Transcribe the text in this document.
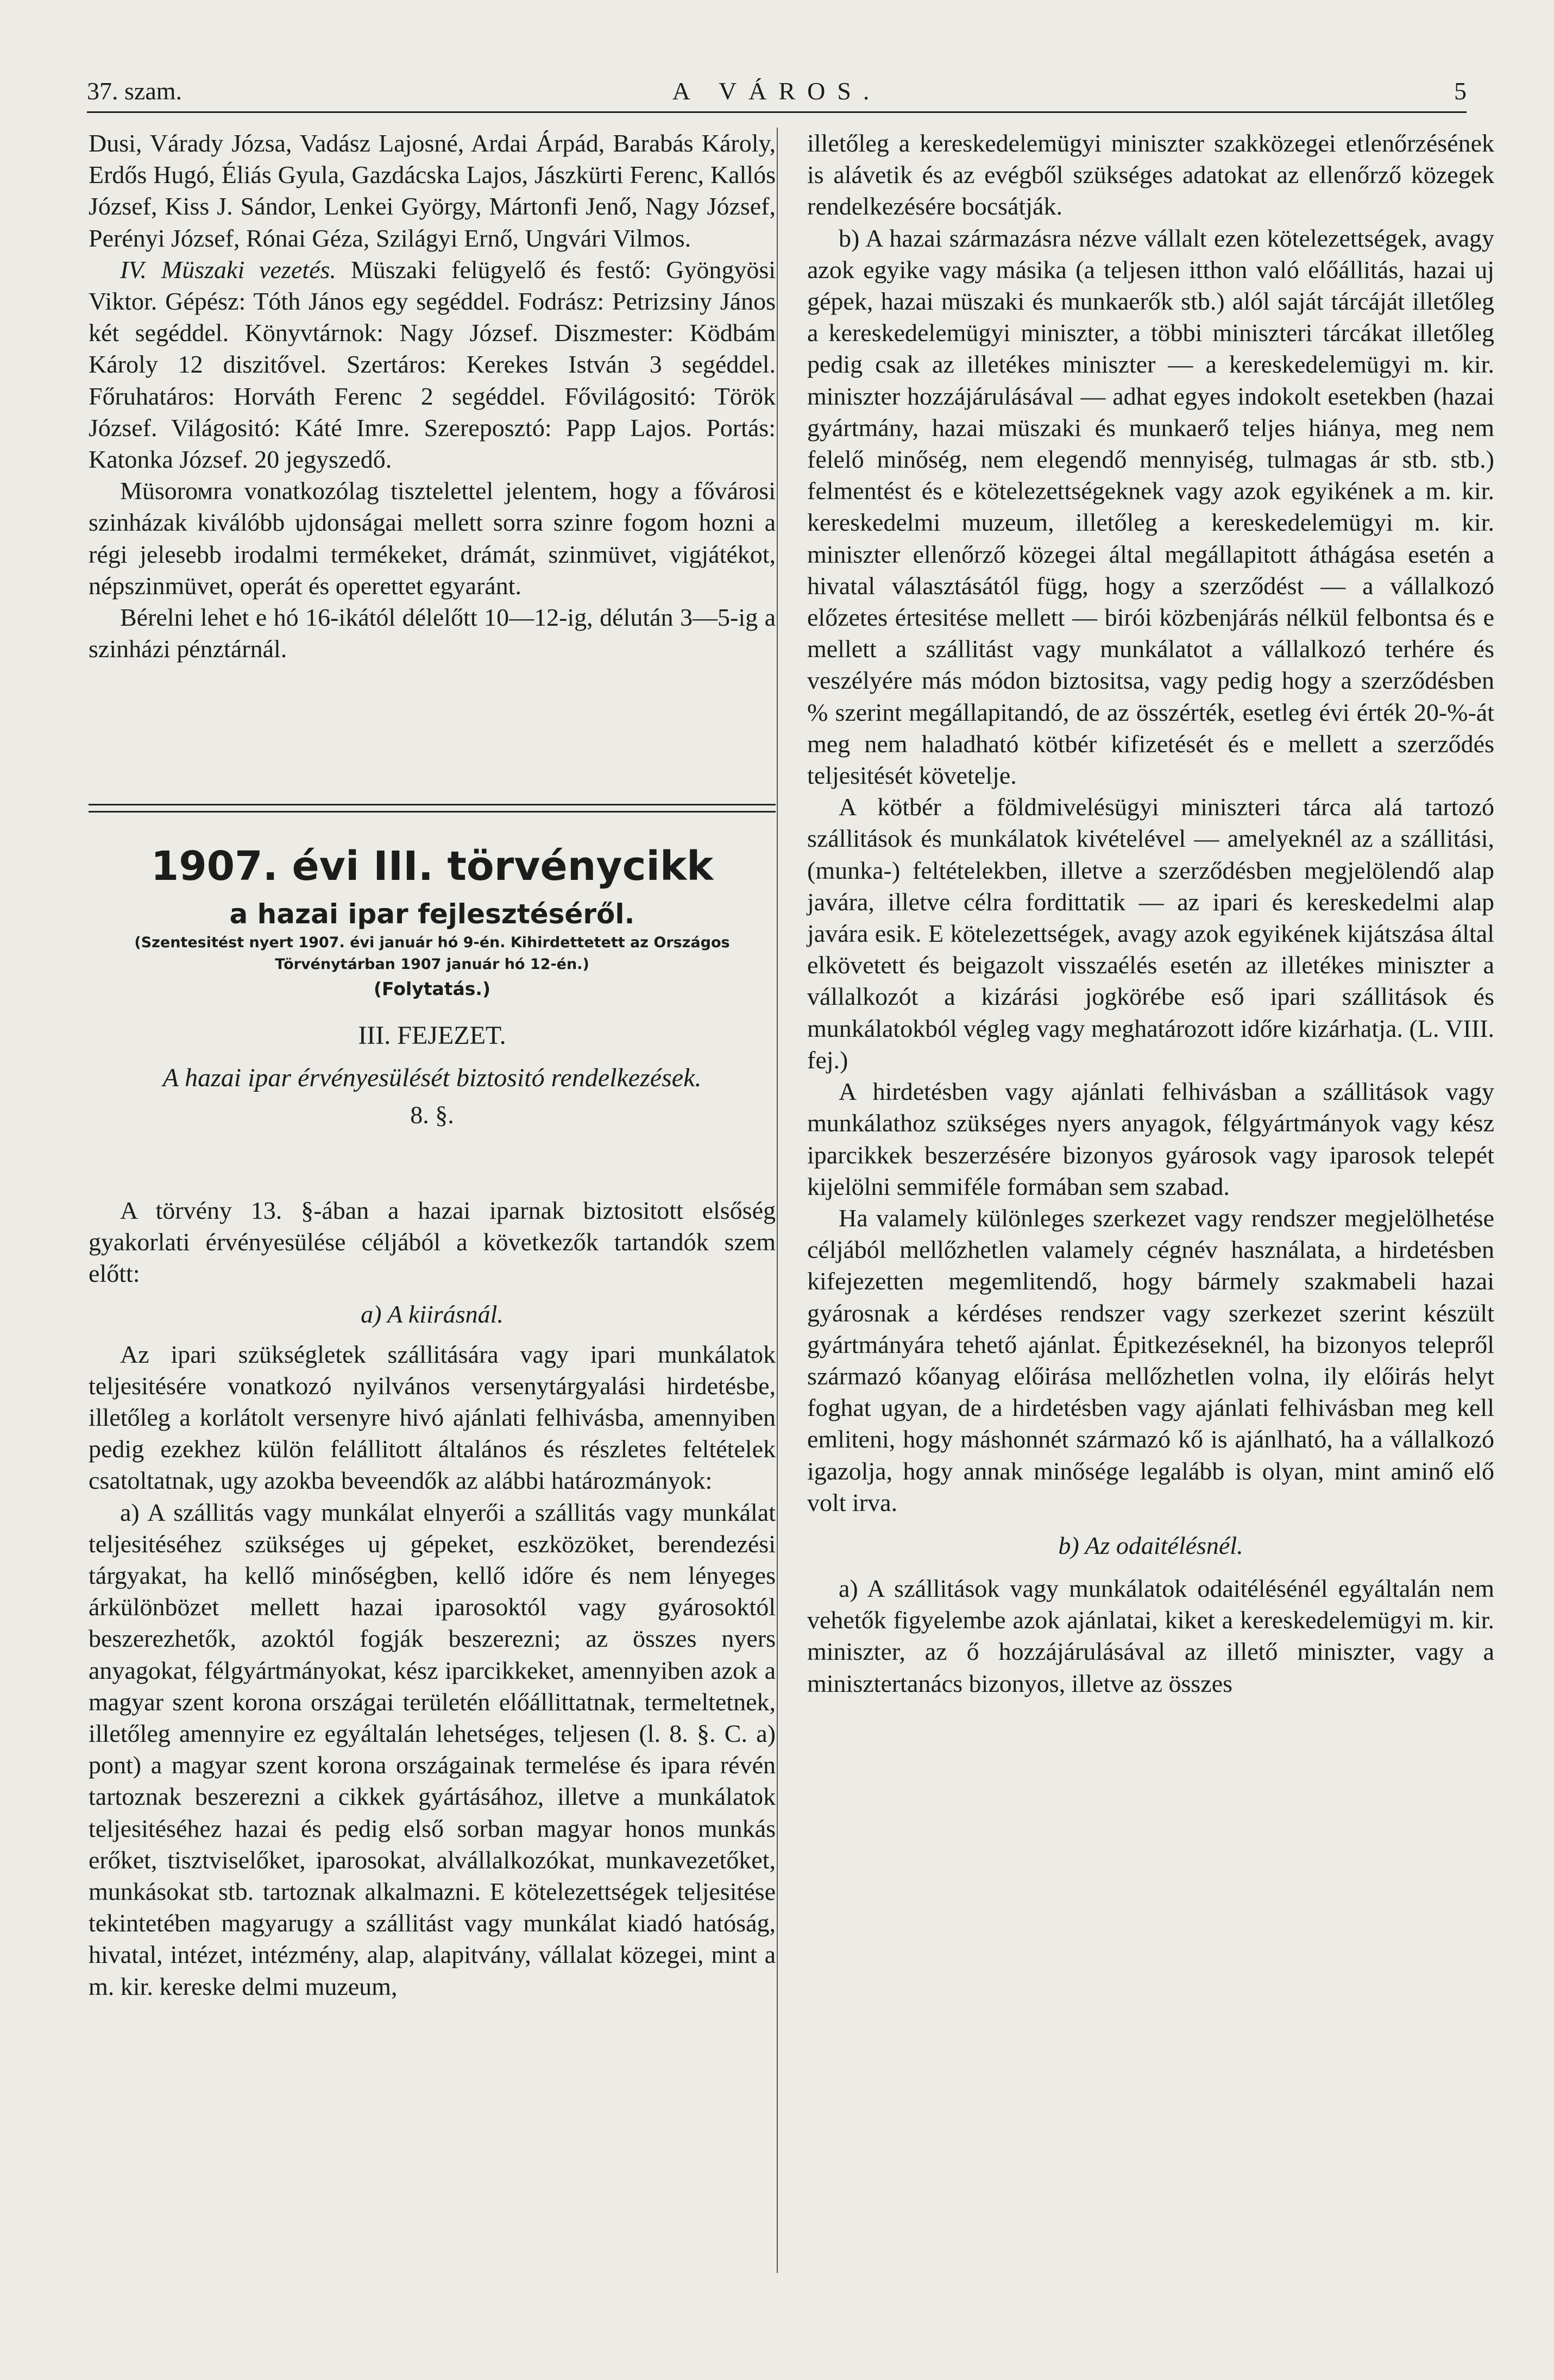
37. szam.	A VÁROS.	5

Dusi, Várady Józsa, Vadász Lajosné, Ardai Árpád, Barabás Károly, Erdős Hugó, Éliás Gyula, Gazdácska Lajos, Jászkürti Ferenc, Kallós József, Kiss J. Sándor, Lenkei György, Mártonfi Jenő, Nagy József, Perényi József, Rónai Géza, Szilágyi Ernő, Ungvári Vilmos.

IV. Müszaki vezetés. Müszaki felügyelő és festő: Gyöngyösi Viktor. Gépész: Tóth János egy segéddel. Fodrász: Petrizsiny János két segéddel. Könyvtárnok: Nagy József. Diszmester: Ködbám Károly 12 diszitővel. Szertáros: Kerekes István 3 segéddel. Főruhatáros: Horváth Ferenc 2 segéddel. Fővilágositó: Török József. Világositó: Káté Imre. Szereposztó: Papp Lajos. Portás: Katonka József. 20 jegyszedő.

Müsorомra vonatkozólag tisztelettel jelentem, hogy a fővárosi szinházak kiválóbb ujdonságai mellett sorra szinre fogom hozni a régi jelesebb irodalmi termékeket, drámát, szinmüvet, vigjátékot, népszinmüvet, operát és operettet egyaránt.

Bérelni lehet e hó 16-ikától délelőtt 10—12-ig, délután 3—5-ig a szinházi pénztárnál.

1907. évi III. törvénycikk
a hazai ipar fejlesztéséről.
(Szentesitést nyert 1907. évi január hó 9-én. Kihirdettetett az Országos Törvénytárban 1907 január hó 12-én.)
(Folytatás.)
III. FEJEZET.
A hazai ipar érvényesülését biztositó rendelkezések.
8. §.

A törvény 13. §-ában a hazai iparnak biztositott elsőség gyakorlati érvényesülése céljából a következők tartandók szem előtt:

a) A kiirásnál.

Az ipari szükségletek szállitására vagy ipari munkálatok teljesitésére vonatkozó nyilvános versenytárgyalási hirdetésbe, illetőleg a korlátolt versenyre hivó ajánlati felhivásba, amennyiben pedig ezekhez külön felállitott általános és részletes feltételek csatoltatnak, ugy azokba beveendők az alábbi határozmányok:

a) A szállitás vagy munkálat elnyerői a szállitás vagy munkálat teljesitéséhez szükséges uj gépeket, eszközöket, berendezési tárgyakat, ha kellő minőségben, kellő időre és nem lényeges árkülönbözet mellett hazai iparosoktól vagy gyárosoktól beszerezhetők, azoktól fogják beszerezni; az összes nyers anyagokat, félgyártmányokat, kész iparcikkeket, amennyiben azok a magyar szent korona országai területén előállittatnak, termeltetnek, illetőleg amennyire ez egyáltalán lehetséges, teljesen (l. 8. §. C. a) pont) a magyar szent korona országainak termelése és ipara révén tartoznak beszerezni a cikkek gyártásához, illetve a munkálatok teljesitéséhez hazai és pedig első sorban magyar honos munkás erőket, tisztviselőket, iparosokat, alvállalkozókat, munkavezetőket, munkásokat stb. tartoznak alkalmazni. E kötelezettségek teljesitése tekintetében magyarugy a szállitást vagy munkálat kiadó hatóság, hivatal, intézet, intézmény, alap, alapitvány, vállalat közegei, mint a m. kir. kereske delmi muzeum,

illetőleg a kereskedelemügyi miniszter szakközegei etlenőrzésének is alávetik és az evégből szükséges adatokat az ellenőrző közegek rendelkezésére bocsátják.

b) A hazai származásra nézve vállalt ezen kötelezettségek, avagy azok egyike vagy másika (a teljesen itthon való előállitás, hazai uj gépek, hazai müszaki és munkaerők stb.) alól saját tárcáját illetőleg a kereskedelemügyi miniszter, a többi miniszteri tárcákat illetőleg pedig csak az illetékes miniszter — a kereskedelemügyi m. kir. miniszter hozzájárulásával — adhat egyes indokolt esetekben (hazai gyártmány, hazai müszaki és munkaerő teljes hiánya, meg nem felelő minőség, nem elegendő mennyiség, tulmagas ár stb. stb.) felmentést és e kötelezettségeknek vagy azok egyikének a m. kir. kereskedelmi muzeum, illetőleg a kereskedelemügyi m. kir. miniszter ellenőrző közegei által megállapitott áthágása esetén a hivatal választásától függ, hogy a szerződést — a vállalkozó előzetes értesitése mellett — birói közbenjárás nélkül felbontsa és e mellett a szállitást vagy munkálatot a vállalkozó terhére és veszélyére más módon biztositsa, vagy pedig hogy a szerződésben % szerint megállapitandó, de az összérték, esetleg évi érték 20-%-át meg nem haladható kötbér kifizetését és e mellett a szerződés teljesitését követelje.

A kötbér a földmivelésügyi miniszteri tárca alá tartozó szállitások és munkálatok kivételével — amelyeknél az a szállitási, (munka-) feltételekben, illetve a szerződésben megjelölendő alap javára, illetve célra fordittatik — az ipari és kereskedelmi alap javára esik. E kötelezettségek, avagy azok egyikének kijátszása által elkövetett és beigazolt visszaélés esetén az illetékes miniszter a vállalkozót a kizárási jogkörébe eső ipari szállitások és munkálatokból végleg vagy meghatározott időre kizárhatja. (L. VIII. fej.)

A hirdetésben vagy ajánlati felhivásban a szállitások vagy munkálathoz szükséges nyers anyagok, félgyártmányok vagy kész iparcikkek beszerzésére bizonyos gyárosok vagy iparosok telepét kijelölni semmiféle formában sem szabad.

Ha valamely különleges szerkezet vagy rendszer megjelölhetése céljából mellőzhetlen valamely cégnév használata, a hirdetésben kifejezetten megemlitendő, hogy bármely szakmabeli hazai gyárosnak a kérdéses rendszer vagy szerkezet szerint készült gyártmányára tehető ajánlat. Épitkezéseknél, ha bizonyos telepről származó kőanyag előirása mellőzhetlen volna, ily előirás helyt foghat ugyan, de a hirdetésben vagy ajánlati felhivásban meg kell emliteni, hogy máshonnét származó kő is ajánlható, ha a vállalkozó igazolja, hogy annak minősége legalább is olyan, mint aminő elő volt irva.

b) Az odaitélésnél.

a) A szállitások vagy munkálatok odaitélésénél egyáltalán nem vehetők figyelembe azok ajánlatai, kiket a kereskedelemügyi m. kir. miniszter, az ő hozzájárulásával az illető miniszter, vagy a minisztertanács bizonyos, illetve az összes
